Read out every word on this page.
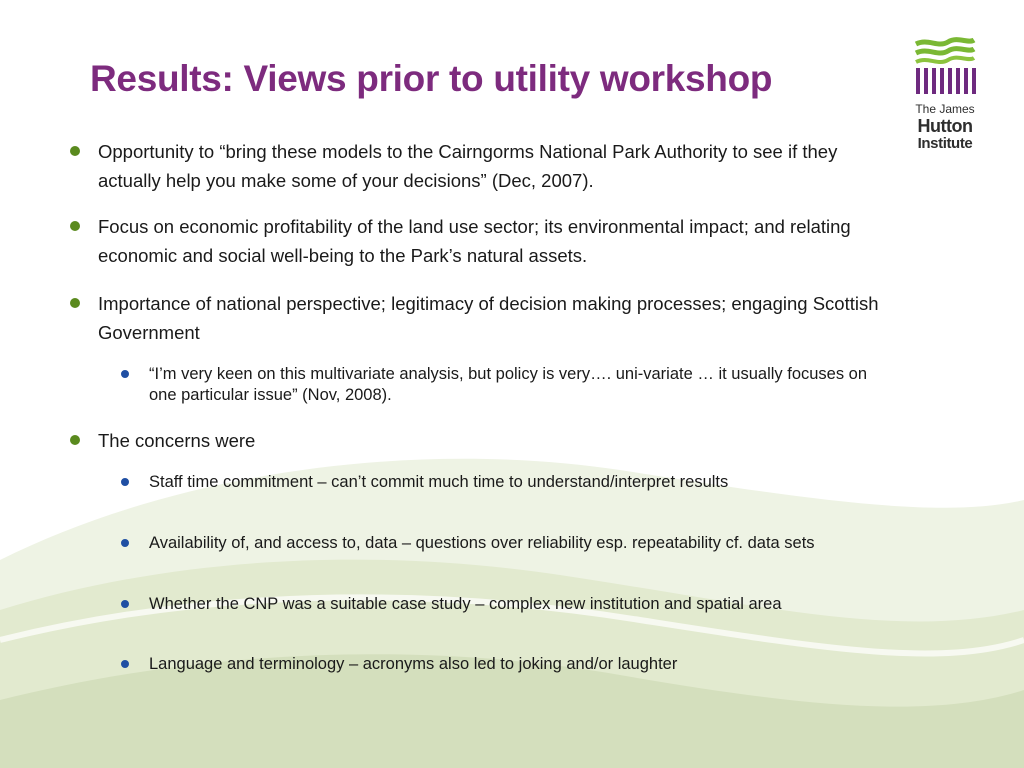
Results: Views prior to utility workshop
The James
Hutton
Institute
Opportunity to “bring these models to the Cairngorms National Park Authority to see if they actually help you make some of your decisions” (Dec, 2007).
Focus on economic profitability of the land use sector; its environmental impact; and relating economic and social well-being to the Park’s natural assets.
Importance of national perspective; legitimacy of decision making processes; engaging Scottish Government
“I’m very keen on this multivariate analysis, but policy is very…. uni-variate … it usually focuses on one particular issue” (Nov, 2008).
The concerns were
Staff time commitment – can’t commit much time to understand/interpret results
Availability of, and access to, data – questions over reliability esp. repeatability cf. data sets
Whether the CNP was a suitable case study – complex new institution and spatial area
Language and terminology – acronyms also led to joking and/or laughter
